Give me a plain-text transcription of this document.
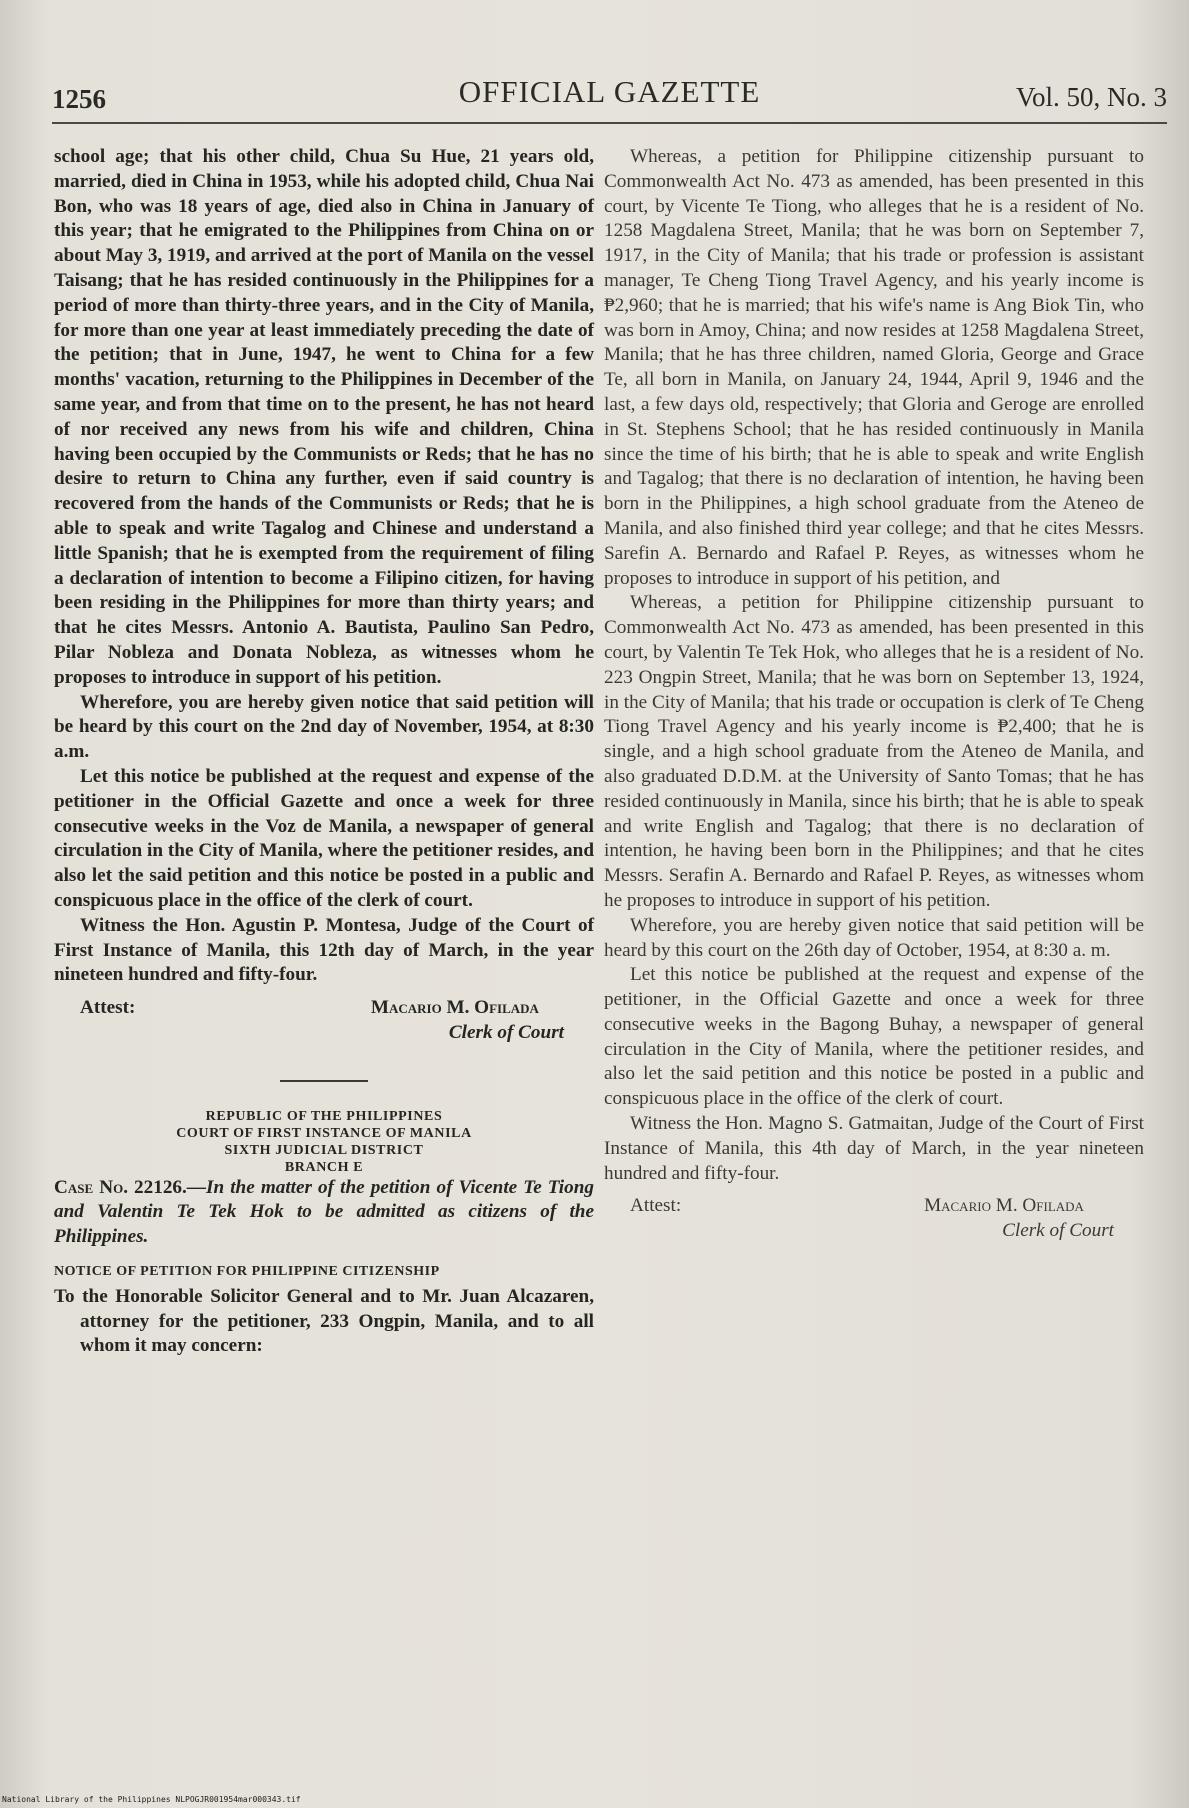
1256	OFFICIAL GAZETTE	Vol. 50, No. 3

school age; that his other child, Chua Su Hue, 21 years old, married, died in China in 1953, while his adopted child, Chua Nai Bon, who was 18 years of age, died also in China in January of this year; that he emigrated to the Philippines from China on or about May 3, 1919, and arrived at the port of Manila on the vessel Taisang; that he has resided continuously in the Philippines for a period of more than thirty-three years, and in the City of Manila, for more than one year at least immediately preceding the date of the petition; that in June, 1947, he went to China for a few months' vacation, returning to the Philippines in December of the same year, and from that time on to the present, he has not heard of nor received any news from his wife and children, China having been occupied by the Communists or Reds; that he has no desire to return to China any further, even if said country is recovered from the hands of the Communists or Reds; that he is able to speak and write Tagalog and Chinese and understand a little Spanish; that he is exempted from the requirement of filing a declaration of intention to become a Filipino citizen, for having been residing in the Philippines for more than thirty years; and that he cites Messrs. Antonio A. Bautista, Paulino San Pedro, Pilar Nobleza and Donata Nobleza, as witnesses whom he proposes to introduce in support of his petition.

Wherefore, you are hereby given notice that said petition will be heard by this court on the 2nd day of November, 1954, at 8:30 a.m.

Let this notice be published at the request and expense of the petitioner in the Official Gazette and once a week for three consecutive weeks in the Voz de Manila, a newspaper of general circulation in the City of Manila, where the petitioner resides, and also let the said petition and this notice be posted in a public and conspicuous place in the office of the clerk of court.

Witness the Hon. Agustin P. Montesa, Judge of the Court of First Instance of Manila, this 12th day of March, in the year nineteen hundred and fifty-four.

Attest:	Macario M. Ofilada
Clerk of Court
REPUBLIC OF THE PHILIPPINES
COURT OF FIRST INSTANCE OF MANILA
SIXTH JUDICIAL DISTRICT
BRANCH E

Case No. 22126.—In the matter of the petition of Vicente Te Tiong and Valentin Te Tek Hok to be admitted as citizens of the Philippines.

NOTICE OF PETITION FOR PHILIPPINE CITIZENSHIP

To the Honorable Solicitor General and to Mr. Juan Alcazaren, attorney for the petitioner, 233 Ongpin, Manila, and to all whom it may concern:

Whereas, a petition for Philippine citizenship pursuant to Commonwealth Act No. 473 as amended, has been presented in this court, by Vicente Te Tiong, who alleges that he is a resident of No. 1258 Magdalena Street, Manila; that he was born on September 7, 1917, in the City of Manila; that his trade or profession is assistant manager, Te Cheng Tiong Travel Agency, and his yearly income is ₱2,960; that he is married; that his wife's name is Ang Biok Tin, who was born in Amoy, China; and now resides at 1258 Magdalena Street, Manila; that he has three children, named Gloria, George and Grace Te, all born in Manila, on January 24, 1944, April 9, 1946 and the last, a few days old, respectively; that Gloria and Geroge are enrolled in St. Stephens School; that he has resided continuously in Manila since the time of his birth; that he is able to speak and write English and Tagalog; that there is no declaration of intention, he having been born in the Philippines, a high school graduate from the Ateneo de Manila, and also finished third year college; and that he cites Messrs. Sarefin A. Bernardo and Rafael P. Reyes, as witnesses whom he proposes to introduce in support of his petition, and

Whereas, a petition for Philippine citizenship pursuant to Commonwealth Act No. 473 as amended, has been presented in this court, by Valentin Te Tek Hok, who alleges that he is a resident of No. 223 Ongpin Street, Manila; that he was born on September 13, 1924, in the City of Manila; that his trade or occupation is clerk of Te Cheng Tiong Travel Agency and his yearly income is ₱2,400; that he is single, and a high school graduate from the Ateneo de Manila, and also graduated D.D.M. at the University of Santo Tomas; that he has resided continuously in Manila, since his birth; that he is able to speak and write English and Tagalog; that there is no declaration of intention, he having been born in the Philippines; and that he cites Messrs. Serafin A. Bernardo and Rafael P. Reyes, as witnesses whom he proposes to introduce in support of his petition.

Wherefore, you are hereby given notice that said petition will be heard by this court on the 26th day of October, 1954, at 8:30 a. m.

Let this notice be published at the request and expense of the petitioner, in the Official Gazette and once a week for three consecutive weeks in the Bagong Buhay, a newspaper of general circulation in the City of Manila, where the petitioner resides, and also let the said petition and this notice be posted in a public and conspicuous place in the office of the clerk of court.

Witness the Hon. Magno S. Gatmaitan, Judge of the Court of First Instance of Manila, this 4th day of March, in the year nineteen hundred and fifty-four.

Attest:	Macario M. Ofilada
Clerk of Court
National Library of the Philippines NLPOGJR001954mar000343.tif
